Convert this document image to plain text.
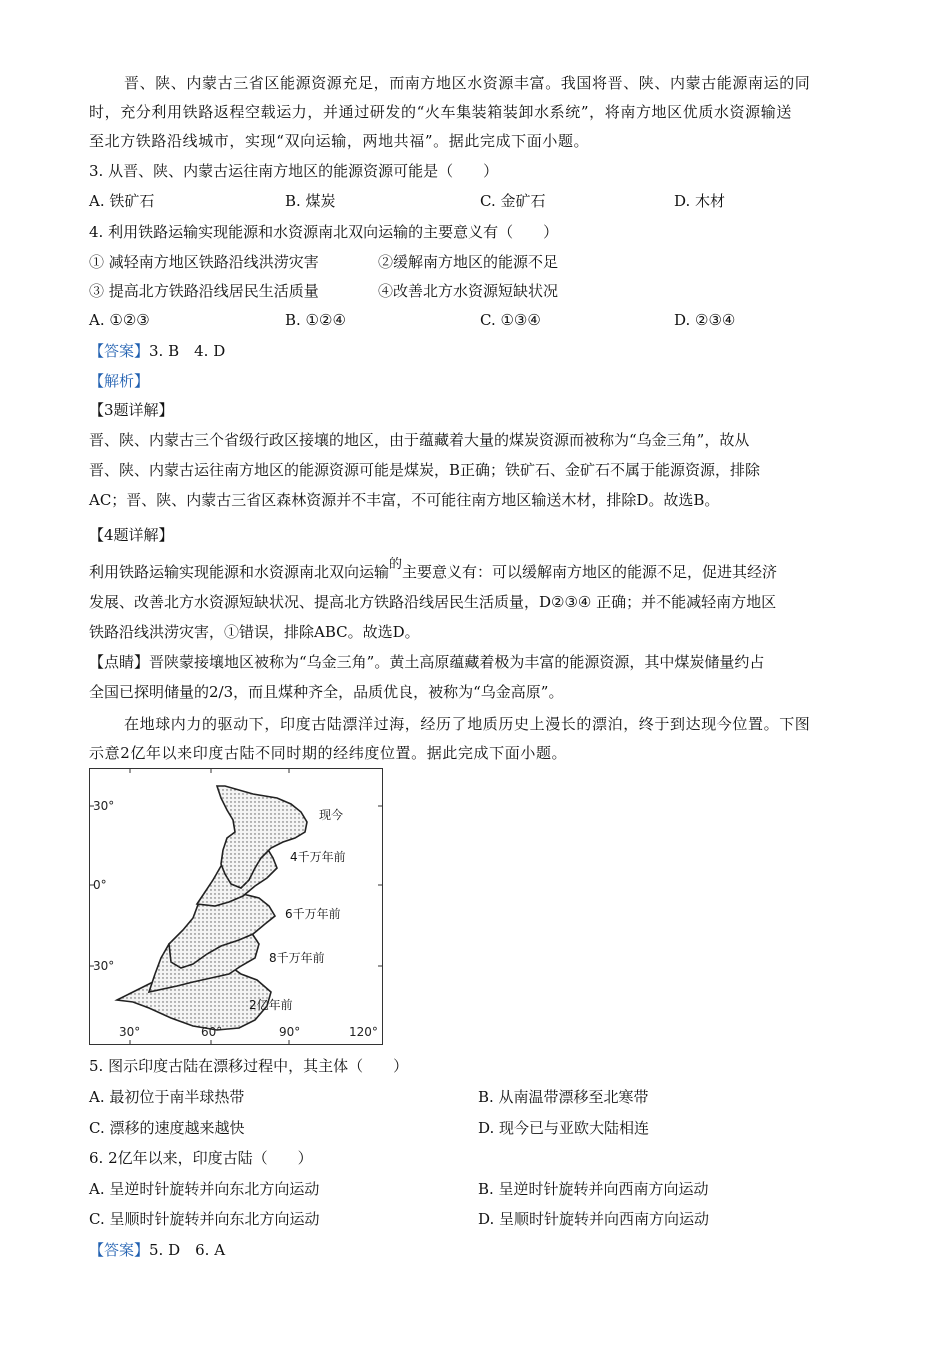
晋、陕、内蒙古三省区能源资源充足，而南方地区水资源丰富。我国将晋、陕、内蒙古能源南运的同
时，充分利用铁路返程空载运力，并通过研发的“火车集装箱装卸水系统”，将南方地区优质水资源输送
至北方铁路沿线城市，实现“双向运输，两地共福”。据此完成下面小题。
3. 从晋、陕、内蒙古运往南方地区的能源资源可能是（　　）
A. 铁矿石	B. 煤炭	C. 金矿石	D. 木材
4. 利用铁路运输实现能源和水资源南北双向运输的主要意义有（　　）
① 减轻南方地区铁路沿线洪涝灾害	②缓解南方地区的能源不足
③ 提高北方铁路沿线居民生活质量	④改善北方水资源短缺状况
A. ①②③	B. ①②④	C. ①③④	D. ②③④
【答案】3. B　4. D
【解析】
【3题详解】
晋、陕、内蒙古三个省级行政区接壤的地区，由于蕴藏着大量的煤炭资源而被称为“乌金三角”，故从
晋、陕、内蒙古运往南方地区的能源资源可能是煤炭，B正确；铁矿石、金矿石不属于能源资源，排除
AC；晋、陕、内蒙古三省区森林资源并不丰富，不可能往南方地区输送木材，排除D。故选B。
【4题详解】
利用铁路运输实现能源和水资源南北双向运输的主要意义有：可以缓解南方地区的能源不足，促进其经济
发展、改善北方水资源短缺状况、提高北方铁路沿线居民生活质量，D②③④ 正确；并不能减轻南方地区
铁路沿线洪涝灾害，①错误，排除ABC。故选D。
【点睛】晋陕蒙接壤地区被称为“乌金三角”。黄土高原蕴藏着极为丰富的能源资源，其中煤炭储量约占
全国已探明储量的2/3，而且煤种齐全，品质优良，被称为“乌金高原”。
在地球内力的驱动下，印度古陆漂洋过海，经历了地质历史上漫长的漂泊，终于到达现今位置。下图
示意2亿年以来印度古陆不同时期的经纬度位置。据此完成下面小题。
30°
0°
30°
30°	60°	90°	120°
现今
4千万年前
6千万年前
8千万年前
2亿年前
5. 图示印度古陆在漂移过程中，其主体（　　）
A. 最初位于南半球热带	B. 从南温带漂移至北寒带
C. 漂移的速度越来越快	D. 现今已与亚欧大陆相连
6. 2亿年以来，印度古陆（　　）
A. 呈逆时针旋转并向东北方向运动	B. 呈逆时针旋转并向西南方向运动
C. 呈顺时针旋转并向东北方向运动	D. 呈顺时针旋转并向西南方向运动
【答案】5. D　6. A
